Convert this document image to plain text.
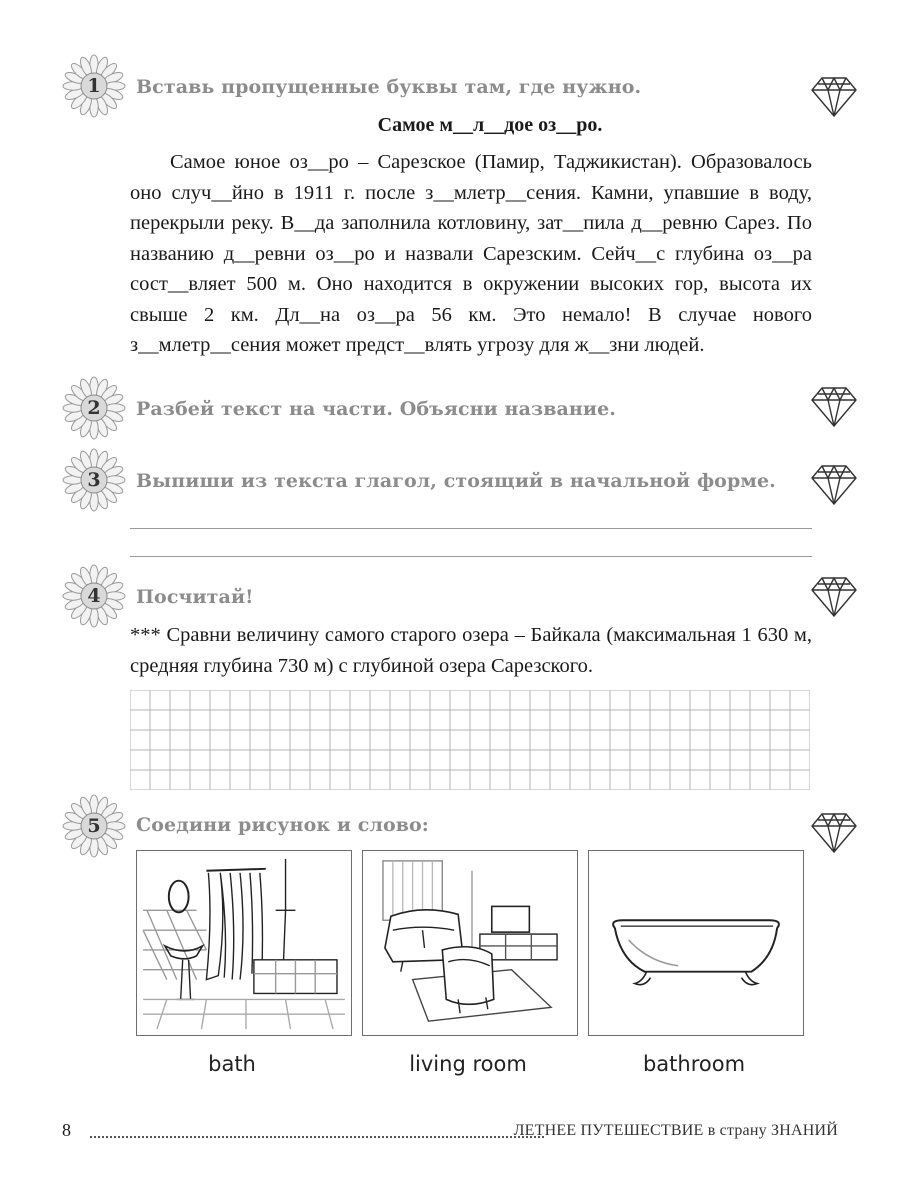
1	Вставь пропущенные буквы там, где нужно.
Самое м__л__дое оз__ро.
Самое юное оз__ро – Сарезское (Памир, Таджикистан). Образовалось оно случ__йно в 1911 г. после з__млетр__сения. Камни, упавшие в воду, перекрыли реку. В__да заполнила котловину, зат__пила д__ревню Сарез. По названию д__ревни оз__ро и назвали Сарезским. Сейч__с глубина оз__ра сост__вляет 500 м. Оно находится в окружении высоких гор, высота их свыше 2 км. Дл__на оз__ра 56 км. Это немало! В случае нового з__млетр__сения может предст__влять угрозу для ж__зни людей.
2	Разбей текст на части. Объясни название.
3	Выпиши из текста глагол, стоящий в начальной форме.
4	Посчитай!
*** Сравни величину самого старого озера – Байкала (максимальная 1 630 м, средняя глубина 730 м) с глубиной озера Сарезского.
5	Соедини рисунок и слово:
bath	living room	bathroom
8	ЛЕТНЕЕ ПУТЕШЕСТВИЕ в страну ЗНАНИЙ
